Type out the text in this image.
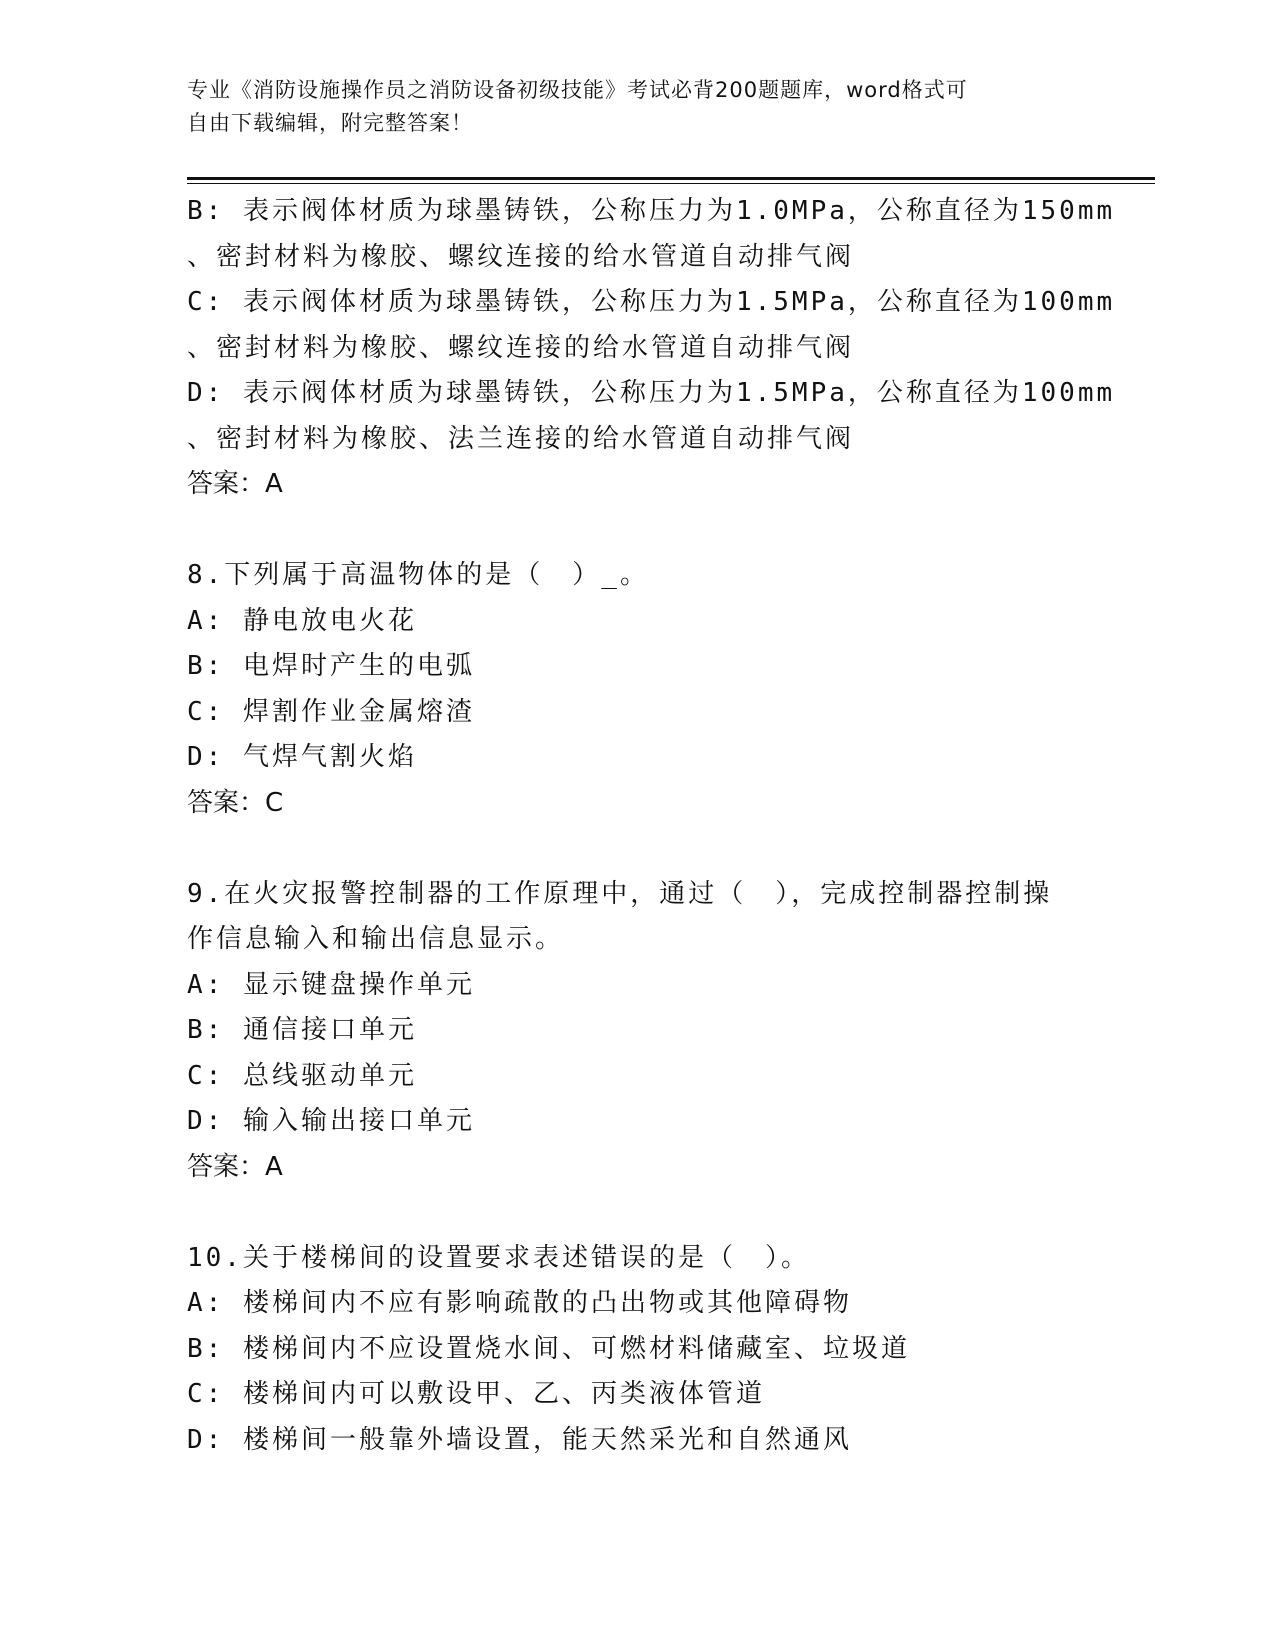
专业《消防设施操作员之消防设备初级技能》考试必背200题题库，word格式可
自由下载编辑，附完整答案！
B: 表示阀体材质为球墨铸铁，公称压力为1.0MPa，公称直径为150mm
、密封材料为橡胶、螺纹连接的给水管道自动排气阀
C: 表示阀体材质为球墨铸铁，公称压力为1.5MPa，公称直径为100mm
、密封材料为橡胶、螺纹连接的给水管道自动排气阀
D: 表示阀体材质为球墨铸铁，公称压力为1.5MPa，公称直径为100mm
、密封材料为橡胶、法兰连接的给水管道自动排气阀
答案：A
8.下列属于高温物体的是（　）_。
A: 静电放电火花
B: 电焊时产生的电弧
C: 焊割作业金属熔渣
D: 气焊气割火焰
答案：C
9.在火灾报警控制器的工作原理中，通过（　），完成控制器控制操
作信息输入和输出信息显示。
A: 显示键盘操作单元
B: 通信接口单元
C: 总线驱动单元
D: 输入输出接口单元
答案：A
10.关于楼梯间的设置要求表述错误的是（　）。
A: 楼梯间内不应有影响疏散的凸出物或其他障碍物
B: 楼梯间内不应设置烧水间、可燃材料储藏室、垃圾道
C: 楼梯间内可以敷设甲、乙、丙类液体管道
D: 楼梯间一般靠外墙设置，能天然采光和自然通风
